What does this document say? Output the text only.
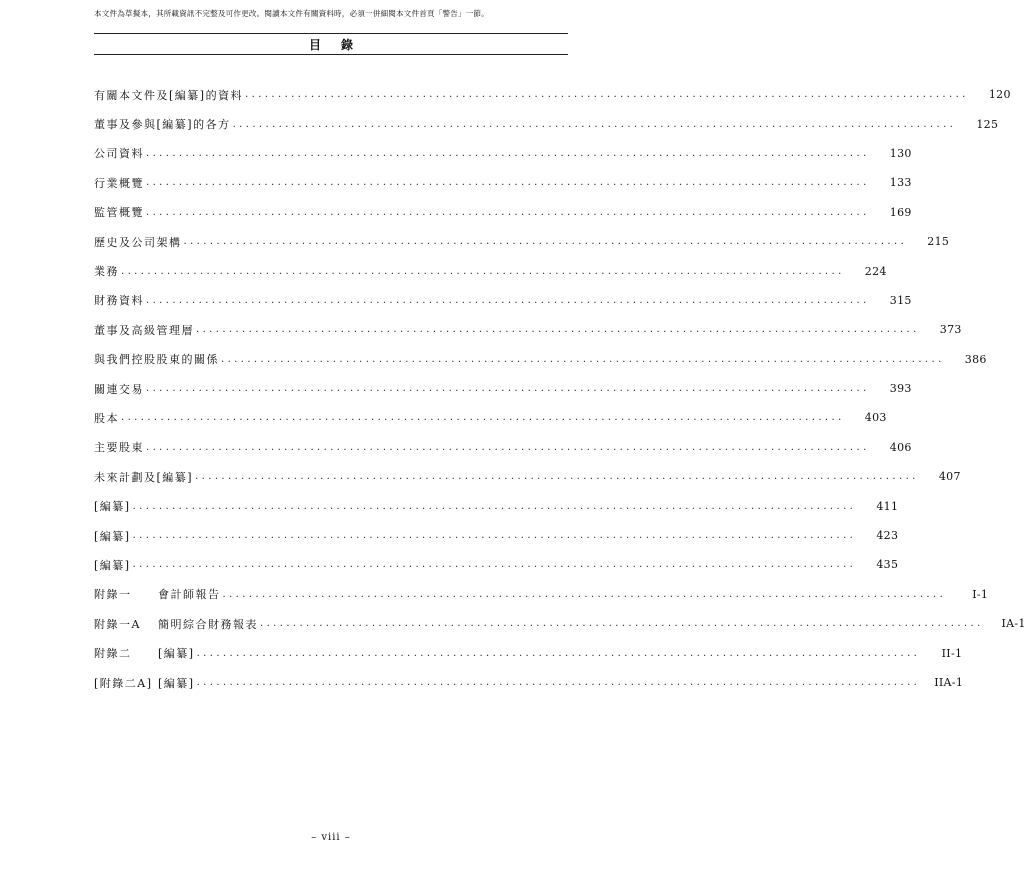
本文件為草擬本，其所載資訊不完整及可作更改。閱讀本文件有關資料時，必須一併細閱本文件首頁「警告」一節。
目錄
有關本文件及[編纂]的資料 ..............................................................................................................	120
董事及參與[編纂]的各方 ..............................................................................................................	125
公司資料 ..............................................................................................................	130
行業概覽 ..............................................................................................................	133
監管概覽 ..............................................................................................................	169
歷史及公司架構 ..............................................................................................................	215
業務 ..............................................................................................................	224
財務資料 ..............................................................................................................	315
董事及高級管理層 ..............................................................................................................	373
與我們控股股東的關係 ..............................................................................................................	386
關連交易 ..............................................................................................................	393
股本 ..............................................................................................................	403
主要股東 ..............................................................................................................	406
未來計劃及[編纂] ..............................................................................................................	407
[編纂] ..............................................................................................................	411
[編纂] ..............................................................................................................	423
[編纂] ..............................................................................................................	435
附錄一	會計師報告 ..............................................................................................................	I-1
附錄一A	簡明綜合財務報表 ..............................................................................................................	IA-1
附錄二	[編纂] ..............................................................................................................	II-1
[附錄二A] [編纂] .............................................................................................................. IIA-1
– viii –
